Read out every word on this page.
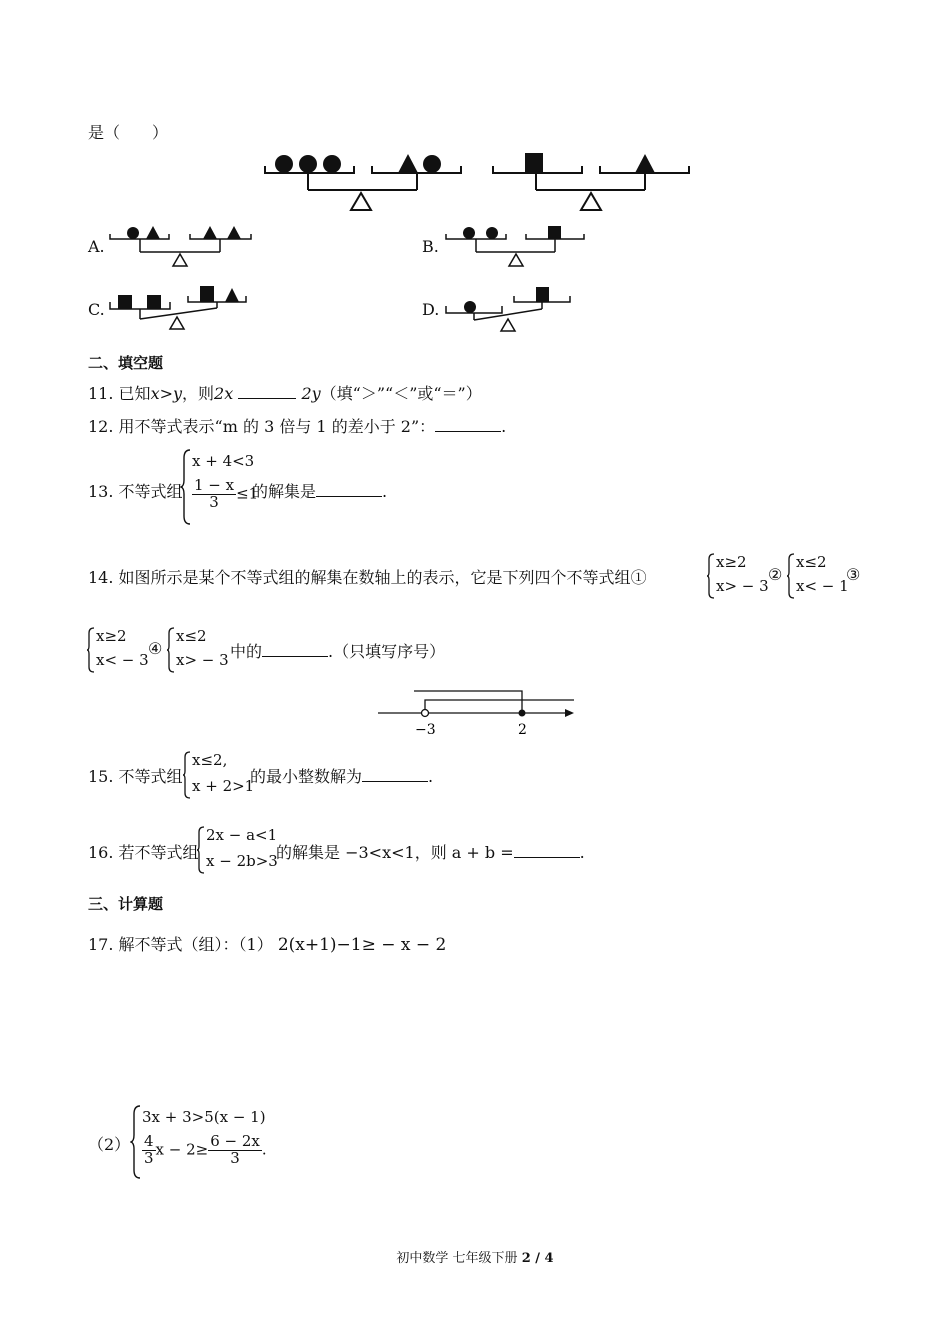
是（　　）
A.	B.
C.	D.
二、填空题
11. 已知x>y，则2x	2y（填“＞”“＜”或“＝”）
12. 用不等式表示“m 的 3 倍与 1 的差小于 2”：	.
13. 不等式组
x + 4<3
$\frac{1 - x}{3} \le 1$
的解集是	.
14. 如图所示是某个不等式组的解集在数轴上的表示，它是下列四个不等式组①
x≥2
x> − 3
②
x≤2
x< − 1
③
x≥2
x< − 3
④
x≤2
x> − 3 中的	.（只填写序号）
−3	2
15. 不等式组
x≤2,
x + 2>1
的最小整数解为	.
16. 若不等式组
2x − a<1
x − 2b>3
的解集是 −3<x<1，则 a + b =	.
三、计算题
17. 解不等式（组）：（1） 2(x+1)−1≥ − x − 2
（2）
3x + 3>5(x − 1)
$\frac{4}{3}$ $x - 2\ge \frac{6 - 2x}{3}$ .
初中数学 七年级下册 2 / 4
